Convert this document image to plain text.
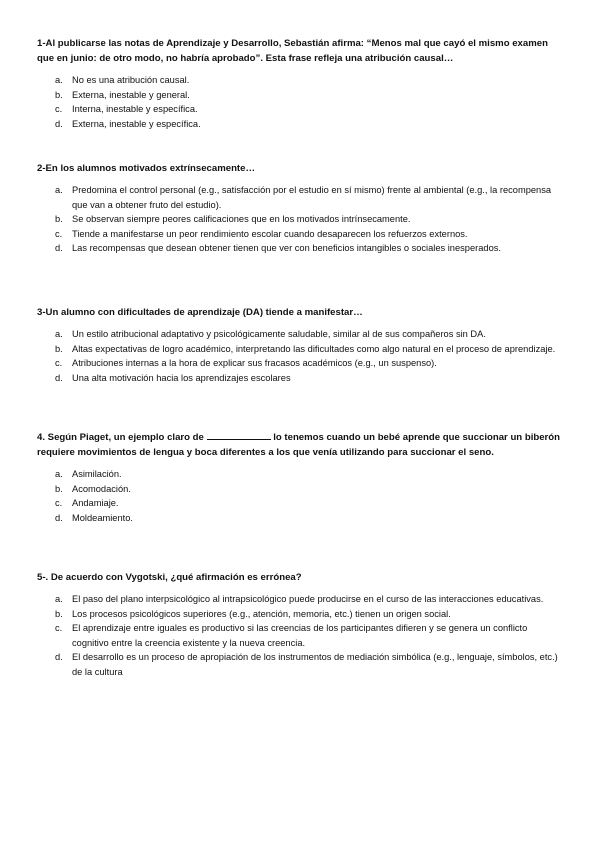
1-Al publicarse las notas de Aprendizaje y Desarrollo, Sebastián afirma: “Menos mal que cayó el mismo examen que en junio: de otro modo, no habría aprobado”. Esta frase refleja una atribución causal…

a. No es una atribución causal.
b. Externa, inestable y general.
c. Interna, inestable y específica.
d. Externa, inestable y específica.

2-En los alumnos motivados extrínsecamente…

a. Predomina el control personal (e.g., satisfacción por el estudio en sí mismo) frente al ambiental (e.g., la recompensa que van a obtener fruto del estudio).
b. Se observan siempre peores calificaciones que en los motivados intrínsecamente.
c. Tiende a manifestarse un peor rendimiento escolar cuando desaparecen los refuerzos externos.
d. Las recompensas que desean obtener tienen que ver con beneficios intangibles o sociales inesperados.

3-Un alumno con dificultades de aprendizaje (DA) tiende a manifestar…

a. Un estilo atribucional adaptativo y psicológicamente saludable, similar al de sus compañeros sin DA.
b. Altas expectativas de logro académico, interpretando las dificultades como algo natural en el proceso de aprendizaje.
c. Atribuciones internas a la hora de explicar sus fracasos académicos (e.g., un suspenso).
d. Una alta motivación hacia los aprendizajes escolares

4. Según Piaget, un ejemplo claro de	lo tenemos cuando un bebé aprende que succionar un biberón requiere movimientos de lengua y boca diferentes a los que venía utilizando para succionar el seno.

a. Asimilación.
b. Acomodación.
c. Andamiaje.
d. Moldeamiento.

5-. De acuerdo con Vygotski, ¿qué afirmación es errónea?

a. El paso del plano interpsicológico al intrapsicológico puede producirse en el curso de las interacciones educativas.
b. Los procesos psicológicos superiores (e.g., atención, memoria, etc.) tienen un origen social.
c. El aprendizaje entre iguales es productivo si las creencias de los participantes difieren y se genera un conflicto cognitivo entre la creencia existente y la nueva creencia.
d. El desarrollo es un proceso de apropiación de los instrumentos de mediación simbólica (e.g., lenguaje, símbolos, etc.) de la cultura
